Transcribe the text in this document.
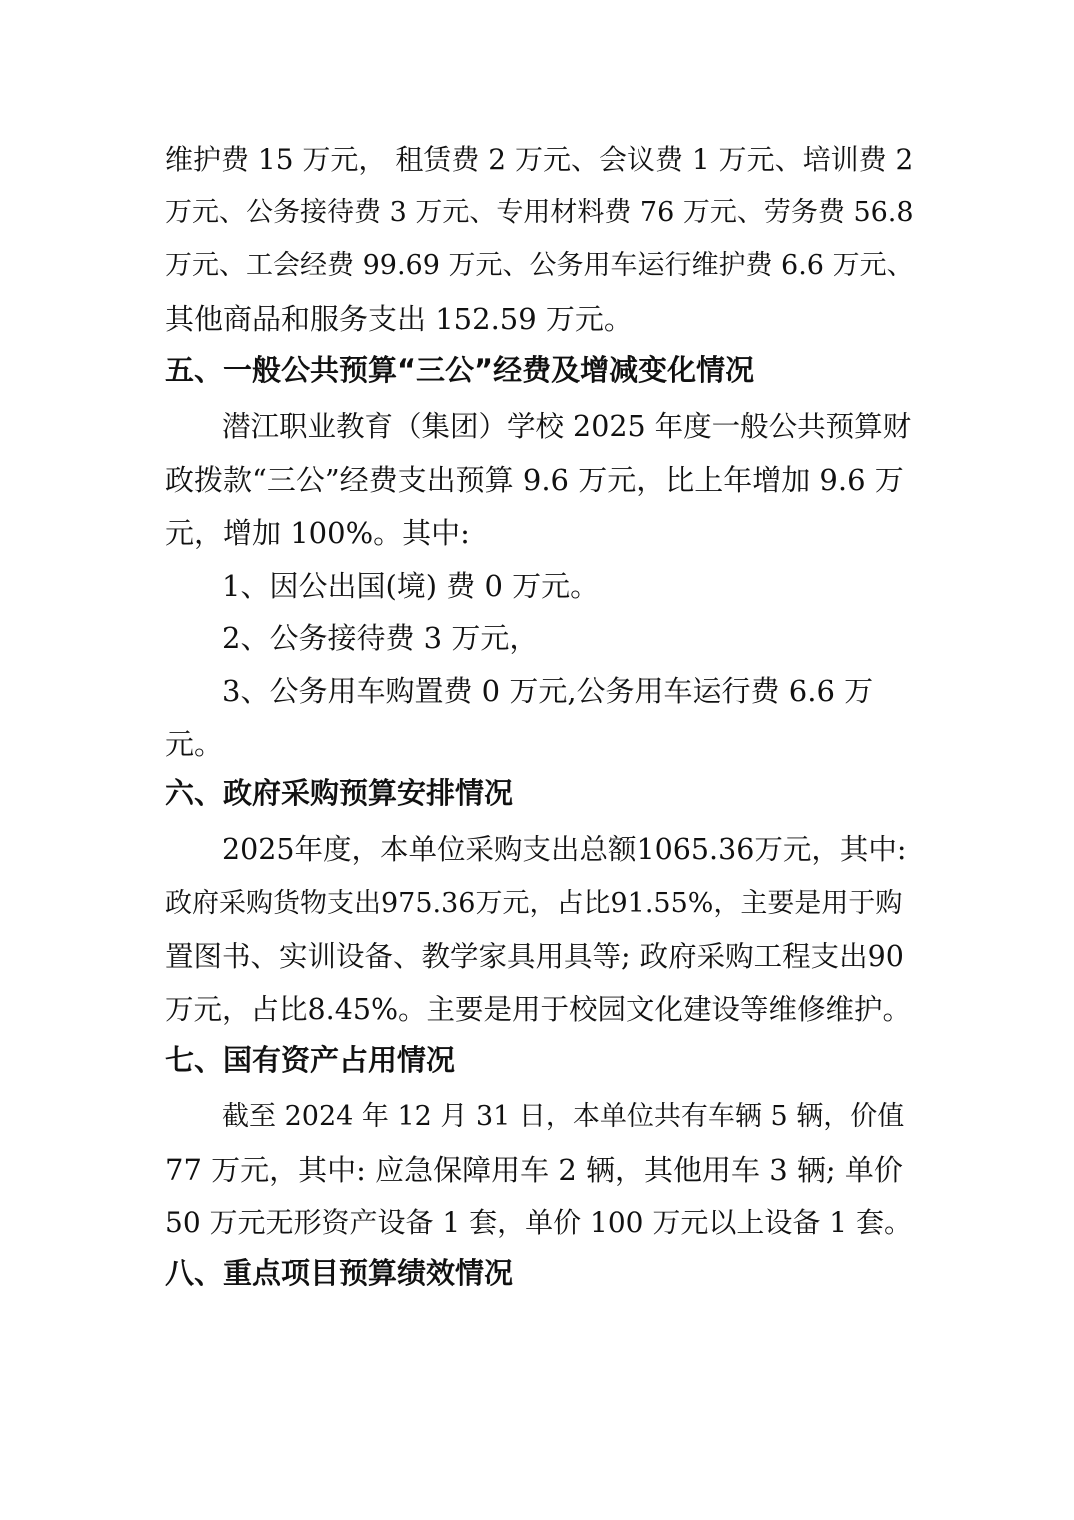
维护费 15 万元， 租赁费 2 万元、会议费 1 万元、培训费 2
万元、公务接待费 3 万元、专用材料费 76 万元、劳务费 56.8
万元、工会经费 99.69 万元、公务用车运行维护费 6.6 万元、
其他商品和服务支出 152.59 万元。
五、一般公共预算“三公”经费及增减变化情况
潜江职业教育（集团）学校 2025 年度一般公共预算财
政拨款“三公”经费支出预算 9.6 万元，比上年增加 9.6 万
元，增加 100%。其中:
1、因公出国(境) 费 0 万元。
2、公务接待费 3 万元，
3、公务用车购置费 0 万元,公务用车运行费 6.6 万
元。
六、政府采购预算安排情况
2025年度，本单位采购支出总额1065.36万元，其中:
政府采购货物支出975.36万元，占比91.55%，主要是用于购
置图书、实训设备、教学家具用具等; 政府采购工程支出90
万元，占比8.45%。主要是用于校园文化建设等维修维护。
七、国有资产占用情况
截至 2024 年 12 月 31 日，本单位共有车辆 5 辆，价值
77 万元，其中: 应急保障用车 2 辆，其他用车 3 辆; 单价
50 万元无形资产设备 1 套，单价 100 万元以上设备 1 套。
八、重点项目预算绩效情况
